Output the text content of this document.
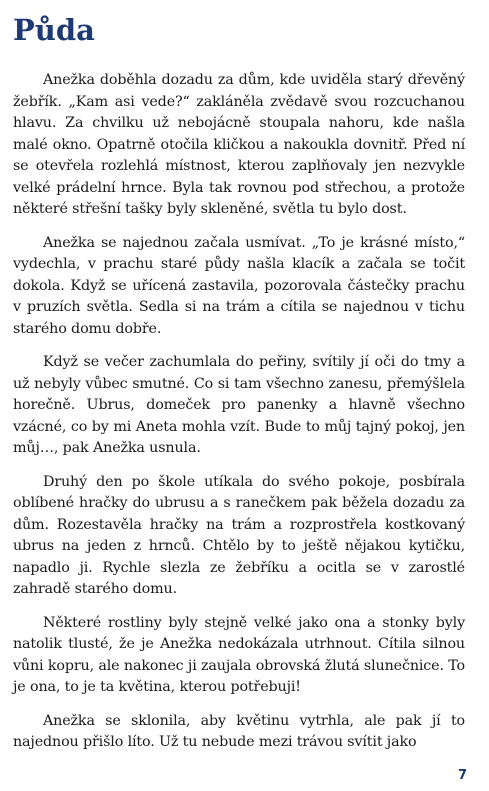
Půda

Anežka doběhla dozadu za dům, kde uviděla starý dřevěný žebřík. „Kam asi vede?“ zakláněla zvědavě svou rozcuchanou hlavu. Za chvilku už nebojácně stoupala nahoru, kde našla malé okno. Opatrně otočila kličkou a nakoukla dovnitř. Před ní se otevřela rozlehlá místnost, kterou zaplňovaly jen nezvykle velké prádelní hrnce. Byla tak rovnou pod střechou, a protože některé střešní tašky byly skleněné, světla tu bylo dost.

Anežka se najednou začala usmívat. „To je krásné místo,“ vydechla, v prachu staré půdy našla klacík a začala se točit dokola. Když se uřícená zastavila, pozorovala částečky prachu v pruzích světla. Sedla si na trám a cítila se najednou v tichu starého domu dobře.

Když se večer zachumlala do peřiny, svítily jí oči do tmy a už nebyly vůbec smutné. Co si tam všechno zanesu, přemýšlela horečně. Ubrus, domeček pro panenky a hlavně všechno vzácné, co by mi Aneta mohla vzít. Bude to můj tajný pokoj, jen můj…, pak Anežka usnula.

Druhý den po škole utíkala do svého pokoje, posbírala oblíbené hračky do ubrusu a s ranečkem pak běžela dozadu za dům. Rozestavěla hračky na trám a rozprostřela kostkovaný ubrus na jeden z hrnců. Chtělo by to ještě nějakou kytičku, napadlo ji. Rychle slezla ze žebříku a ocitla se v zarostlé zahradě starého domu.

Některé rostliny byly stejně velké jako ona a stonky byly natolik tlusté, že je Anežka nedokázala utrhnout. Cítila silnou vůni kopru, ale nakonec ji zaujala obrovská žlutá slunečnice. To je ona, to je ta květina, kterou potřebuji!

Anežka se sklonila, aby květinu vytrhla, ale pak jí to najednou přišlo líto. Už tu nebude mezi trávou svítit jako

7
